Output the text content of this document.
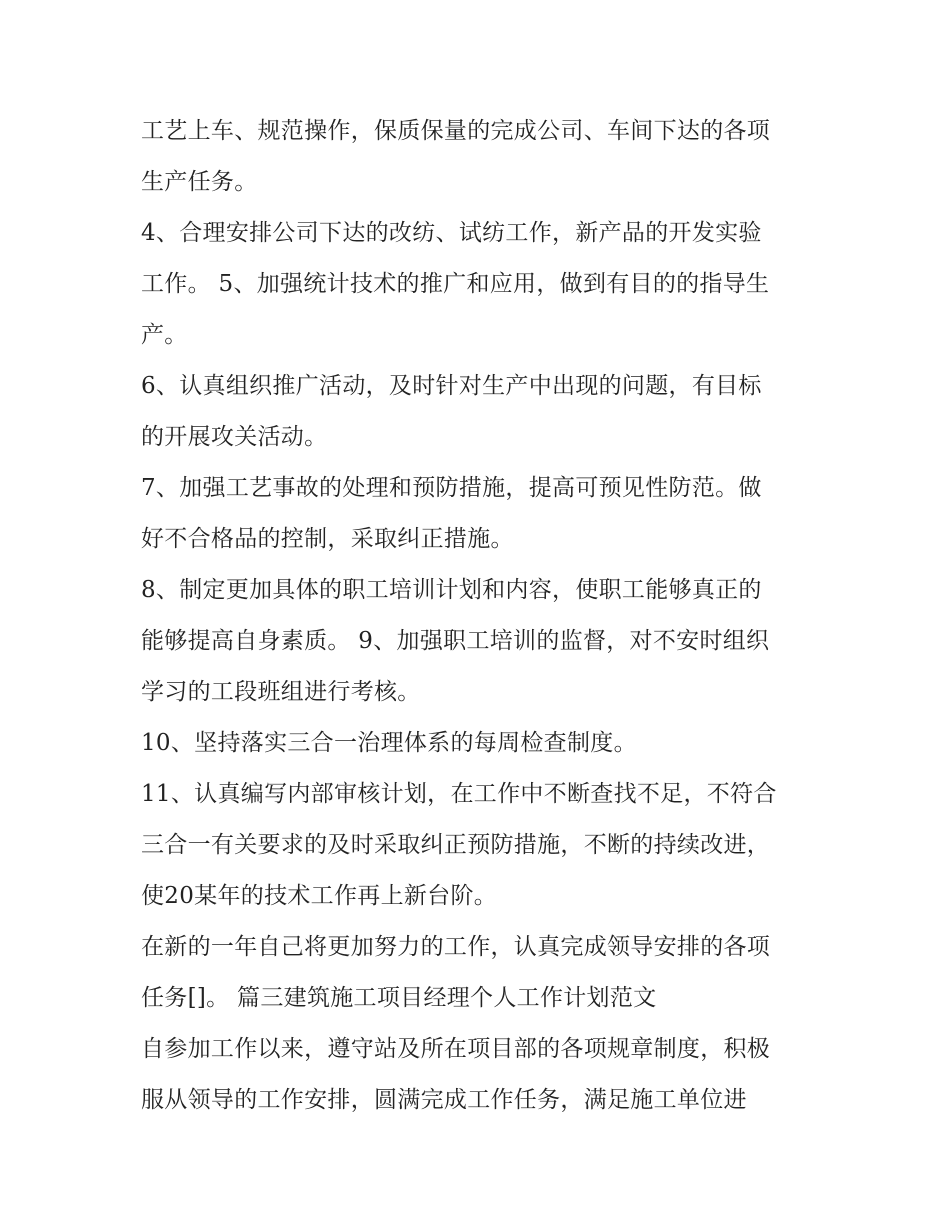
工艺上车、规范操作，保质保量的完成公司、车间下达的各项
生产任务。
4、合理安排公司下达的改纺、试纺工作，新产品的开发实验
工作。 5、加强统计技术的推广和应用，做到有目的的指导生
产。
6、认真组织推广活动，及时针对生产中出现的问题，有目标
的开展攻关活动。
7、加强工艺事故的处理和预防措施，提高可预见性防范。做
好不合格品的控制，采取纠正措施。
8、制定更加具体的职工培训计划和内容，使职工能够真正的
能够提高自身素质。 9、加强职工培训的监督，对不安时组织
学习的工段班组进行考核。
10、坚持落实三合一治理体系的每周检查制度。
11、认真编写内部审核计划，在工作中不断查找不足，不符合
三合一有关要求的及时采取纠正预防措施，不断的持续改进，
使20某年的技术工作再上新台阶。
在新的一年自己将更加努力的工作，认真完成领导安排的各项
任务[]。 篇三建筑施工项目经理个人工作计划范文
自参加工作以来，遵守站及所在项目部的各项规章制度，积极
服从领导的工作安排，圆满完成工作任务，满足施工单位进
